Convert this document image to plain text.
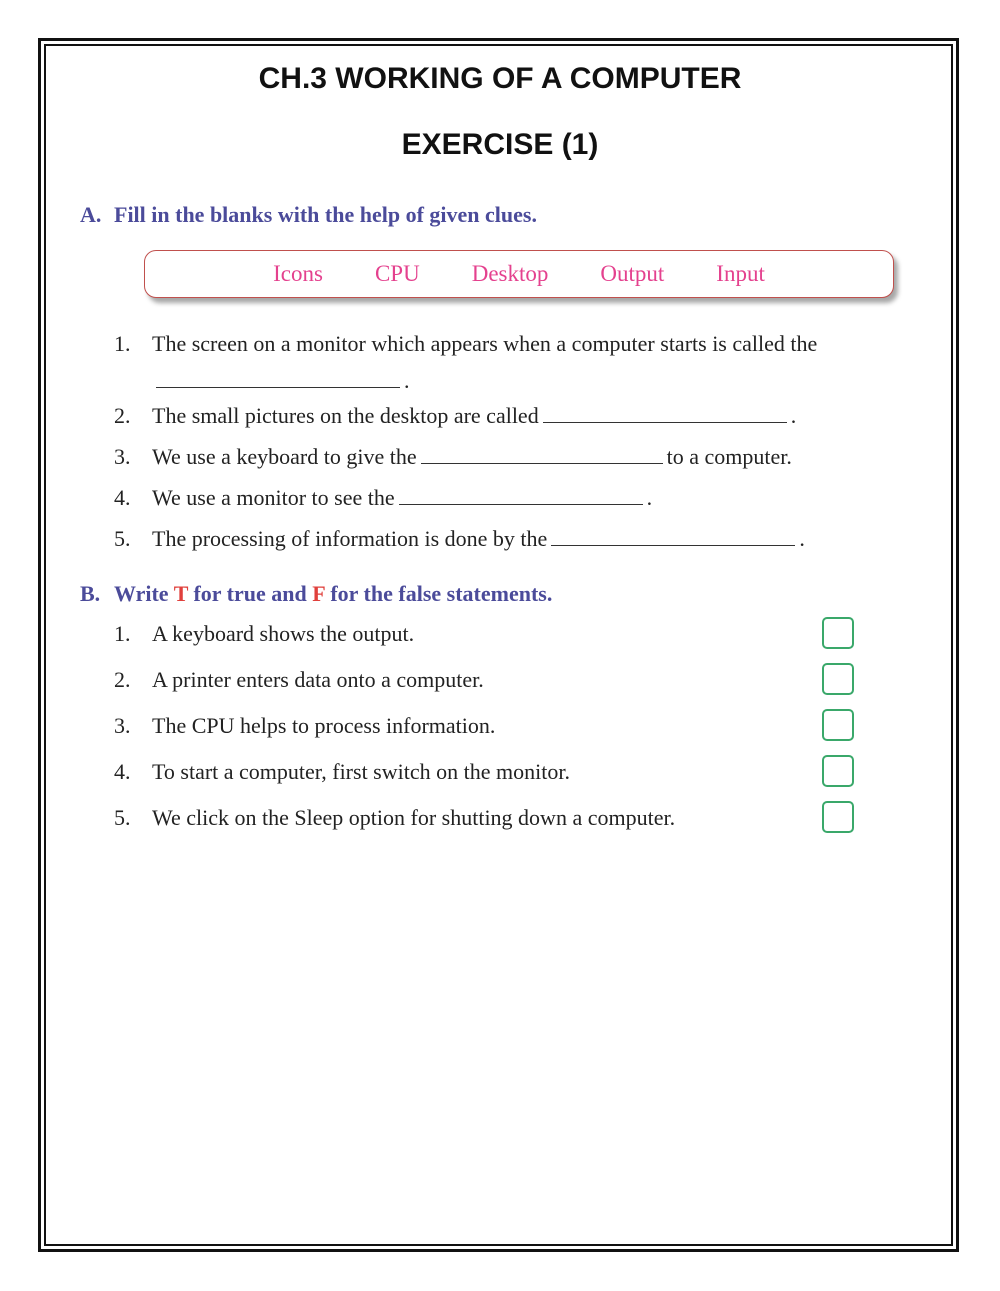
CH.3 WORKING OF A COMPUTER
EXERCISE (1)
A. Fill in the blanks with the help of given clues.
Icons CPU Desktop Output Input
1. The screen on a monitor which appears when a computer starts is called the
.
2. The small pictures on the desktop are called	.
3. We use a keyboard to give the	to a computer.
4. We use a monitor to see the	.
5. The processing of information is done by the	.
B. Write T for true and F for the false statements.
1. A keyboard shows the output.
2. A printer enters data onto a computer.
3. The CPU helps to process information.
4. To start a computer, first switch on the monitor.
5. We click on the Sleep option for shutting down a computer.
